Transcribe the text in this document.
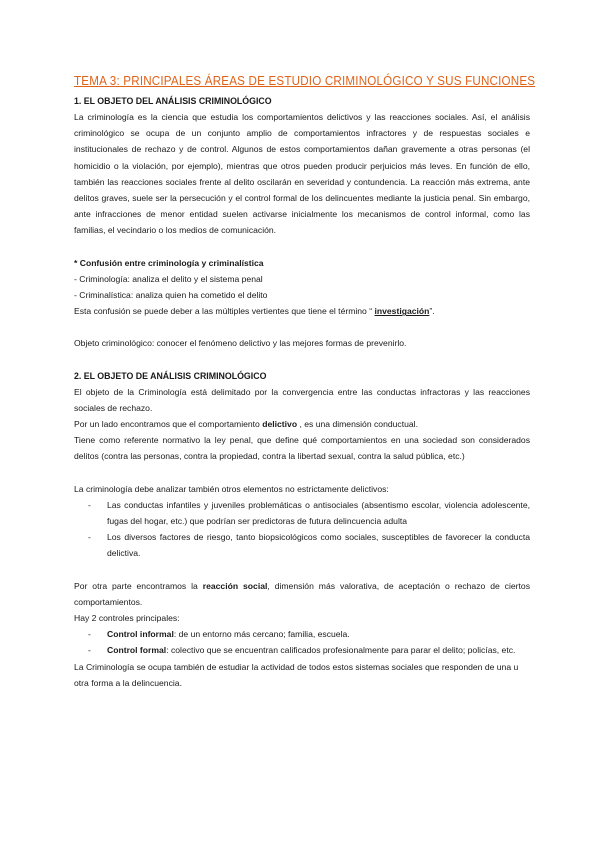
TEMA 3: PRINCIPALES ÁREAS DE ESTUDIO CRIMINOLÓGICO Y SUS FUNCIONES
1. EL OBJETO DEL ANÁLISIS CRIMINOLÓGICO

La criminología es la ciencia que estudia los comportamientos delictivos y las reacciones sociales. Así, el análisis criminológico se ocupa de un conjunto amplio de comportamientos infractores y de respuestas sociales e institucionales de rechazo y de control. Algunos de estos comportamientos dañan gravemente a otras personas (el homicidio o la violación, por ejemplo), mientras que otros pueden producir perjuicios más leves. En función de ello, también las reacciones sociales frente al delito oscilarán en severidad y contundencia. La reacción más extrema, ante delitos graves, suele ser la persecución y el control formal de los delincuentes mediante la justicia penal. Sin embargo, ante infracciones de menor entidad suelen activarse inicialmente los mecanismos de control informal, como las familias, el vecindario o los medios de comunicación.

* Confusión entre criminología y criminalística

- Criminología: analiza el delito y el sistema penal

- Criminalística: analiza quien ha cometido el delito

Esta confusión se puede deber a las múltiples vertientes que tiene el término “ investigación”.

Objeto criminológico: conocer el fenómeno delictivo y las mejores formas de prevenirlo.

2. EL OBJETO DE ANÁLISIS CRIMINOLÓGICO

El objeto de la Criminología está delimitado por la convergencia entre las conductas infractoras y las reacciones sociales de rechazo.

Por un lado encontramos que el comportamiento delictivo , es una dimensión conductual.

Tiene como referente normativo la ley penal, que define qué comportamientos en una sociedad son considerados delitos (contra las personas, contra la propiedad, contra la libertad sexual, contra la salud pública, etc.)

La criminología debe analizar también otros elementos no estrictamente delictivos:

- Las conductas infantiles y juveniles problemáticas o antisociales (absentismo escolar, violencia adolescente, fugas del hogar, etc.) que podrían ser predictoras de futura delincuencia adulta
- Los diversos factores de riesgo, tanto biopsicológicos como sociales, susceptibles de favorecer la conducta delictiva.

Por otra parte encontramos la reacción social, dimensión más valorativa, de aceptación o rechazo de ciertos comportamientos.

Hay 2 controles principales:

- Control informal: de un entorno más cercano; familia, escuela.
- Control formal: colectivo que se encuentran calificados profesionalmente para parar el delito; policías, etc.

La Criminología se ocupa también de estudiar la actividad de todos estos sistemas sociales que responden de una u otra forma a la delincuencia.
